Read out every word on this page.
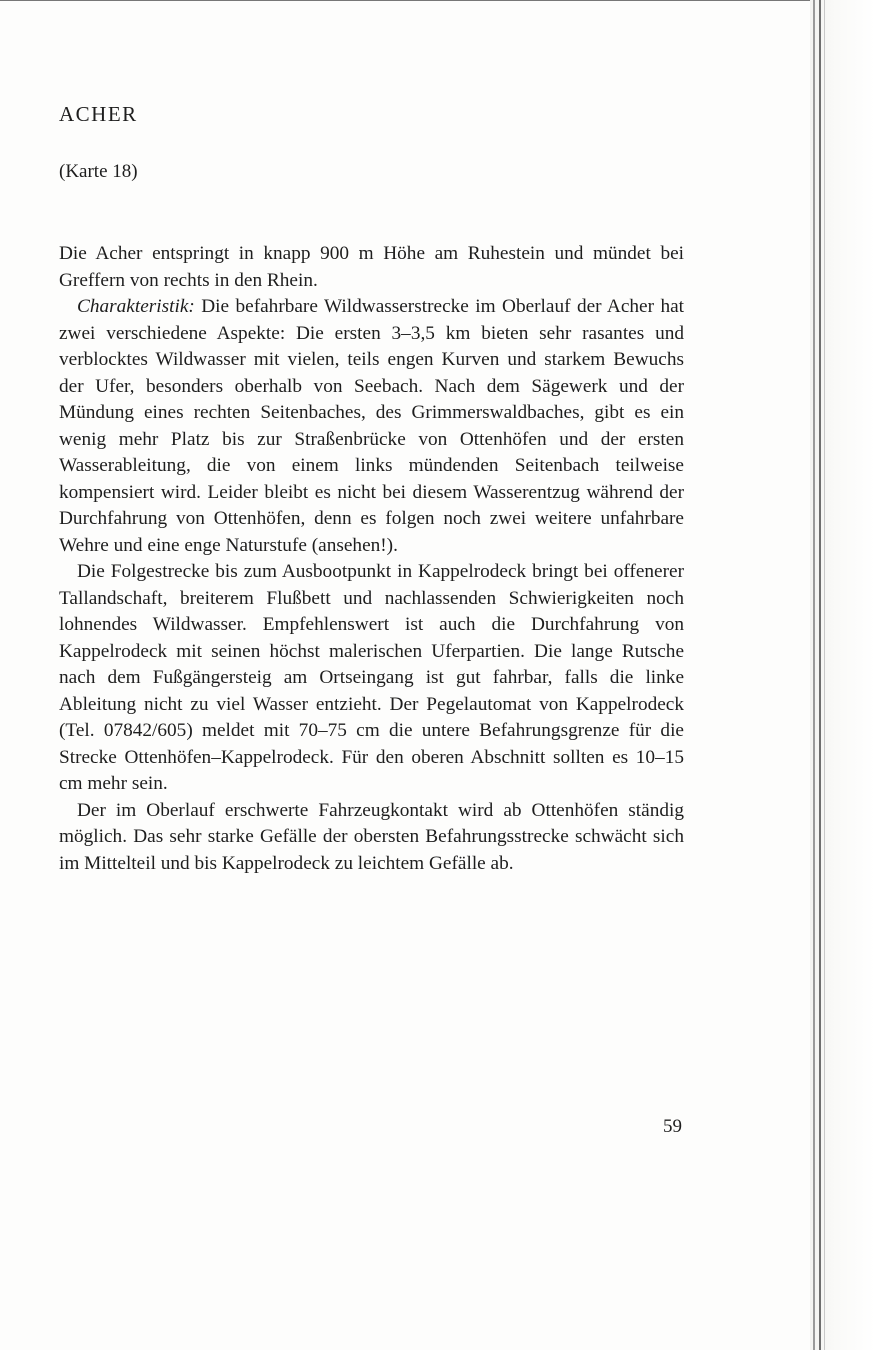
ACHER

(Karte 18)

Die Acher entspringt in knapp 900 m Höhe am Ruhestein und mündet bei Greffern von rechts in den Rhein.

Charakteristik: Die befahrbare Wildwasserstrecke im Oberlauf der Acher hat zwei verschiedene Aspekte: Die ersten 3–3,5 km bieten sehr rasantes und verblocktes Wildwasser mit vielen, teils engen Kurven und starkem Bewuchs der Ufer, besonders oberhalb von Seebach. Nach dem Sägewerk und der Mündung eines rechten Seitenbaches, des Grimmerswaldbaches, gibt es ein wenig mehr Platz bis zur Straßenbrücke von Ottenhöfen und der ersten Wasserableitung, die von einem links mündenden Seitenbach teilweise kompensiert wird. Leider bleibt es nicht bei diesem Wasserentzug während der Durchfahrung von Ottenhöfen, denn es folgen noch zwei weitere unfahrbare Wehre und eine enge Naturstufe (ansehen!).

Die Folgestrecke bis zum Ausbootpunkt in Kappelrodeck bringt bei offenerer Tallandschaft, breiterem Flußbett und nachlassenden Schwierigkeiten noch lohnendes Wildwasser. Empfehlenswert ist auch die Durchfahrung von Kappelrodeck mit seinen höchst malerischen Uferpartien. Die lange Rutsche nach dem Fußgängersteig am Ortseingang ist gut fahrbar, falls die linke Ableitung nicht zu viel Wasser entzieht. Der Pegelautomat von Kappelrodeck (Tel. 07842/605) meldet mit 70–75 cm die untere Befahrungsgrenze für die Strecke Ottenhöfen–Kappelrodeck. Für den oberen Abschnitt sollten es 10–15 cm mehr sein.

Der im Oberlauf erschwerte Fahrzeugkontakt wird ab Ottenhöfen ständig möglich. Das sehr starke Gefälle der obersten Befahrungsstrecke schwächt sich im Mittelteil und bis Kappelrodeck zu leichtem Gefälle ab.

59
